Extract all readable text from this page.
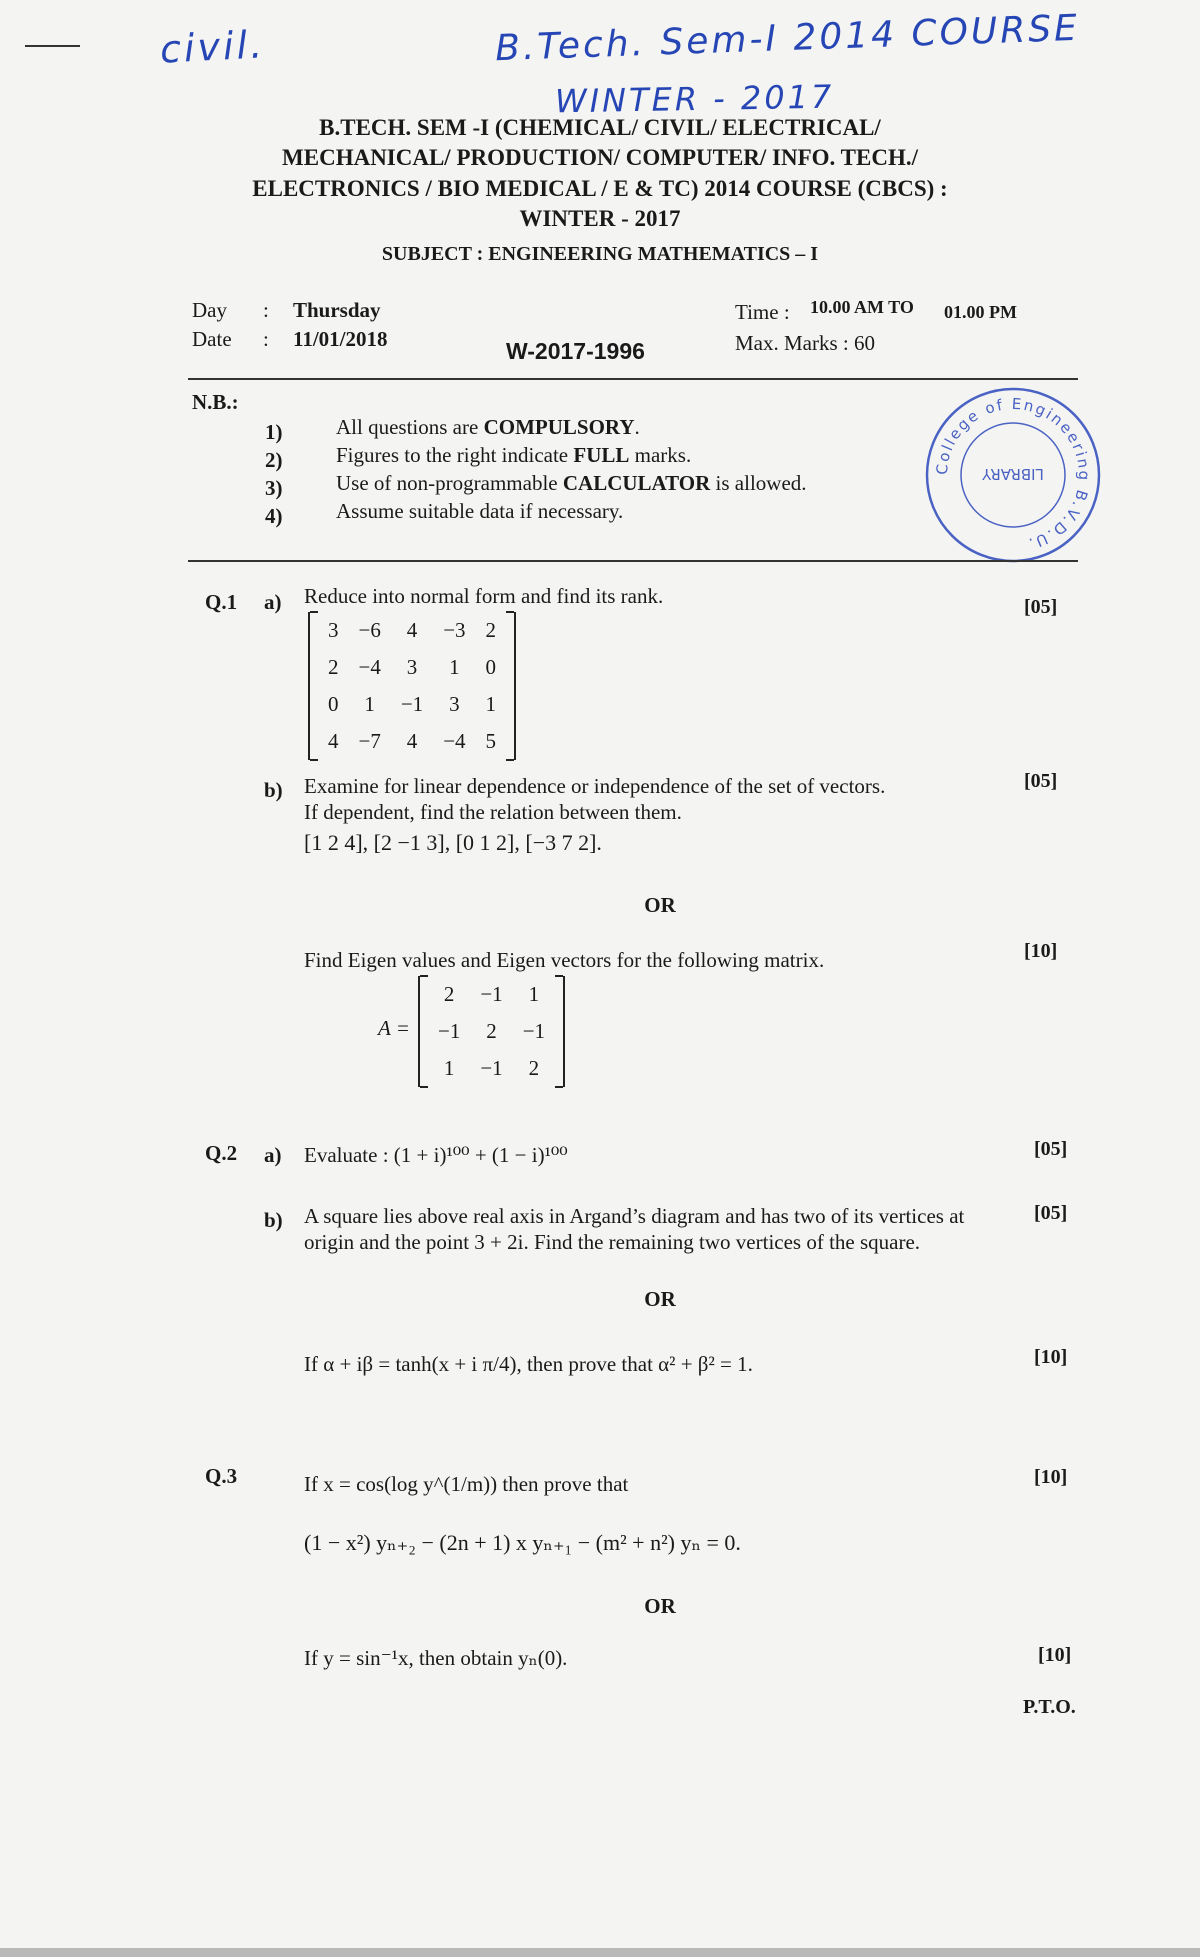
civil.	B.Tech. Sem-I 2014 COURSE
WINTER - 2017
B.TECH. SEM -I (CHEMICAL/ CIVIL/ ELECTRICAL/
MECHANICAL/ PRODUCTION/ COMPUTER/ INFO. TECH./
ELECTRONICS / BIO MEDICAL / E & TC) 2014 COURSE (CBCS) :
WINTER - 2017
SUBJECT : ENGINEERING MATHEMATICS – I
Day : Thursday
Date : 11/01/2018	W-2017-1996
Time : 10.00 AM TO 01.00 PM
Max. Marks : 60
N.B.:
1)	All questions are COMPULSORY.
2)	Figures to the right indicate FULL marks.
3)	Use of non-programmable CALCULATOR is allowed.
4)	Assume suitable data if necessary.
College of Engineering B.V.D.U.
LIBRARY
Q.1 a) Reduce into normal form and find its rank.	[05]
3	−6	4	−3	2
2	−4	3	1	0
0	1	−1	3	1
4	−7	4	−4	5
b) Examine for linear dependence or independence of the set of vectors.
If dependent, find the relation between them.
[1 2 4], [2 −1 3], [0 1 2], [−3 7 2].
[05]
OR
Find Eigen values and Eigen vectors for the following matrix.	[10]
A =
2	−1	1
−1	2	−1
1	−1	2
Q.2 a) Evaluate : (1 + i)¹⁰⁰ + (1 − i)¹⁰⁰	[05]
b) A square lies above real axis in Argand’s diagram and has two of its vertices at
origin and the point 3 + 2i. Find the remaining two vertices of the square.
[05]
OR
If α + iβ = tanh(x + i π/4), then prove that α² + β² = 1.	[10]
Q.3	If x = cos(log y^(1/m)) then prove that
(1 − x²) yₙ₊₂ − (2n + 1) x yₙ₊₁ − (m² + n²) yₙ = 0.
[10]
OR
If y = sin⁻¹x, then obtain yₙ(0).	[10]
P.T.O.
